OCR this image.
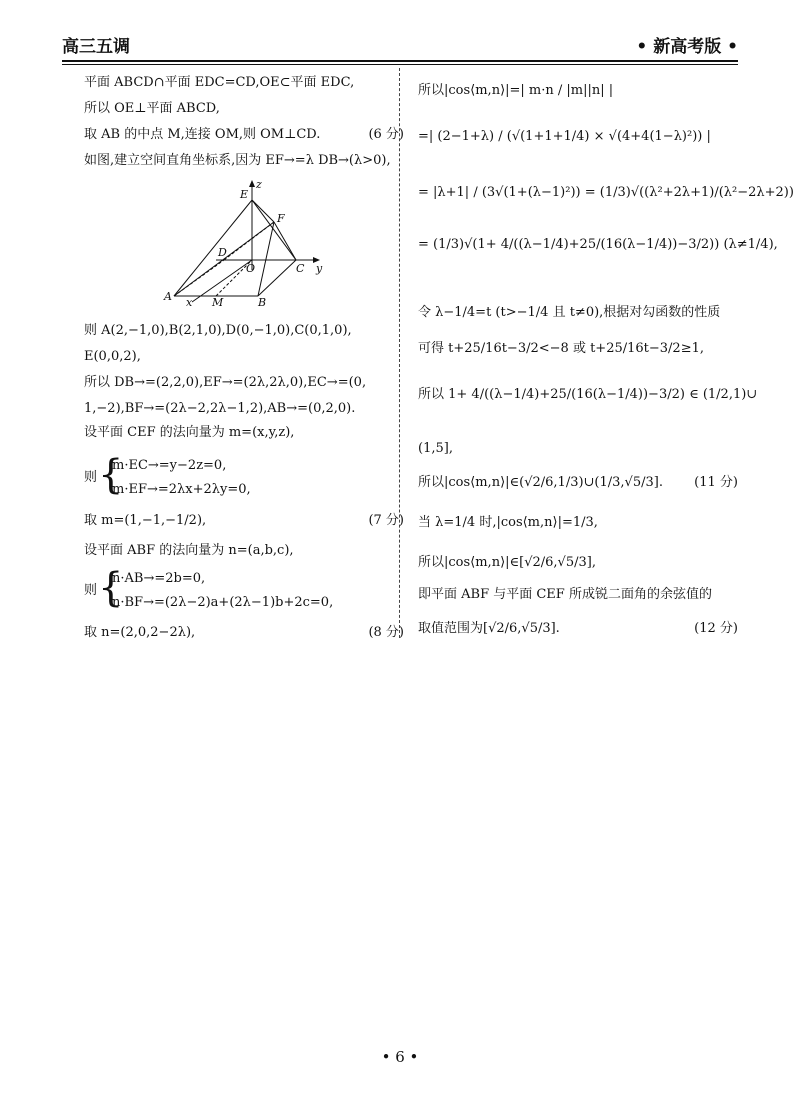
高三五调	• 新高考版 •
平面 ABCD∩平面 EDC=CD,OE⊂平面 EDC,
所以 OE⊥平面 ABCD,
取 AB 的中点 M,连接 OM,则 OM⊥CD.	(6 分)
如图,建立空间直角坐标系,因为 EF→=λ DB→(λ>0),
E
z
F
D
O	C y
A	M	B
x
则 A(2,−1,0),B(2,1,0),D(0,−1,0),C(0,1,0),
E(0,0,2),
所以 DB→=(2,2,0),EF→=(2λ,2λ,0),EC→=(0,
1,−2),BF→=(2λ−2,2λ−1,2),AB→=(0,2,0).
设平面 CEF 的法向量为 m=(x,y,z),
则 {
m·EC→=y−2z=0,
m·EF→=2λx+2λy=0,
取 m=(1,−1,−1/2),	(7 分)
设平面 ABF 的法向量为 n=(a,b,c),
则 {
n·AB→=2b=0,
n·BF→=(2λ−2)a+(2λ−1)b+2c=0,
取 n=(2,0,2−2λ),	(8 分)
所以|cos⟨m,n⟩|=| m·n / |m||n| |
=| (2−1+λ) / (√(1+1+1/4) × √(4+4(1−λ)²)) |
= |λ+1| / (3√(1+(λ−1)²)) = (1/3)√((λ²+2λ+1)/(λ²−2λ+2))
= (1/3)√(1+ 4/((λ−1/4)+25/(16(λ−1/4))−3/2)) (λ≠1/4),
令 λ−1/4=t (t>−1/4 且 t≠0),根据对勾函数的性质
可得 t+25/16t−3/2<−8 或 t+25/16t−3/2≥1,
所以 1+ 4/((λ−1/4)+25/(16(λ−1/4))−3/2) ∈ (1/2,1)∪
(1,5],
所以|cos⟨m,n⟩|∈(√2/6,1/3)∪(1/3,√5/3]. (11 分)
当 λ=1/4 时,|cos⟨m,n⟩|=1/3,
所以|cos⟨m,n⟩|∈[√2/6,√5/3],
即平面 ABF 与平面 CEF 所成锐二面角的余弦值的
取值范围为[√2/6,√5/3].	(12 分)
• 6 •
